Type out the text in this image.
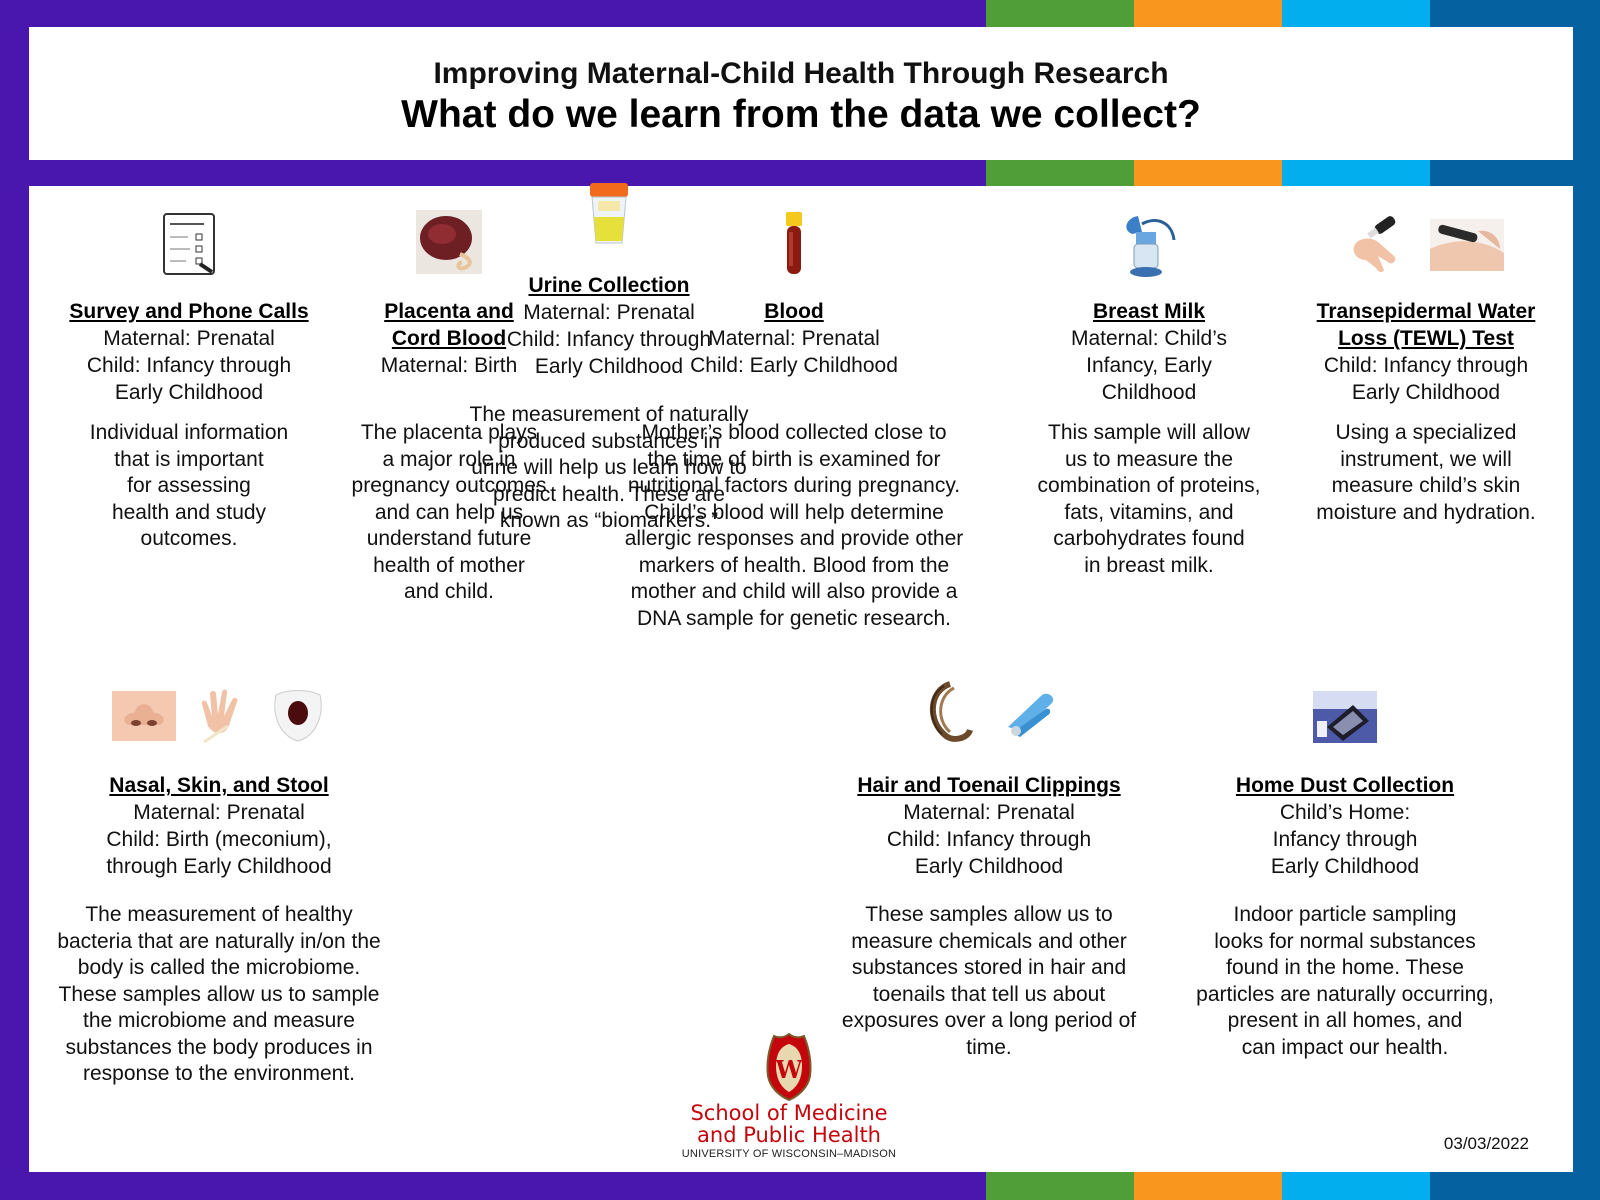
Improving Maternal-Child Health Through Research
What do we learn from the data we collect?
Survey and Phone Calls
Maternal: Prenatal
Child: Infancy through
Early Childhood
Individual information
that is important
for assessing
health and study
outcomes.
Placenta and
Cord Blood
Maternal: Birth
The placenta plays
a major role in
pregnancy outcomes
and can help us
understand future
health of mother
and child.
Blood
Maternal: Prenatal
Child: Early Childhood
Mother’s blood collected close to
the time of birth is examined for
nutritional factors during pregnancy.
Child’s blood will help determine
allergic responses and provide other
markers of health. Blood from the
mother and child will also provide a
DNA sample for genetic research.
Breast Milk
Maternal: Child’s
Infancy, Early
Childhood
This sample will allow
us to measure the
combination of proteins,
fats, vitamins, and
carbohydrates found
in breast milk.
Transepidermal Water
Loss (TEWL) Test
Child: Infancy through
Early Childhood
Using a specialized
instrument, we will
measure child’s skin
moisture and hydration.
Nasal, Skin, and Stool
Maternal: Prenatal
Child: Birth (meconium),
through Early Childhood
The measurement of healthy
bacteria that are naturally in/on the
body is called the microbiome.
These samples allow us to sample
the microbiome and measure
substances the body produces in
response to the environment.
Urine Collection
Maternal: Prenatal
Child: Infancy through
Early Childhood
The measurement of naturally
produced substances in
urine will help us learn how to
predict health. These are
known as “biomarkers.”
Hair and Toenail Clippings
Maternal: Prenatal
Child: Infancy through
Early Childhood
These samples allow us to
measure chemicals and other
substances stored in hair and
toenails that tell us about
exposures over a long period of
time.
Home Dust Collection
Child’s Home:
Infancy through
Early Childhood
Indoor particle sampling
looks for normal substances
found in the home. These
particles are naturally occurring,
present in all homes, and
can impact our health.
W
School of Medicine
and Public Health
UNIVERSITY OF WISCONSIN–MADISON
03/03/2022
